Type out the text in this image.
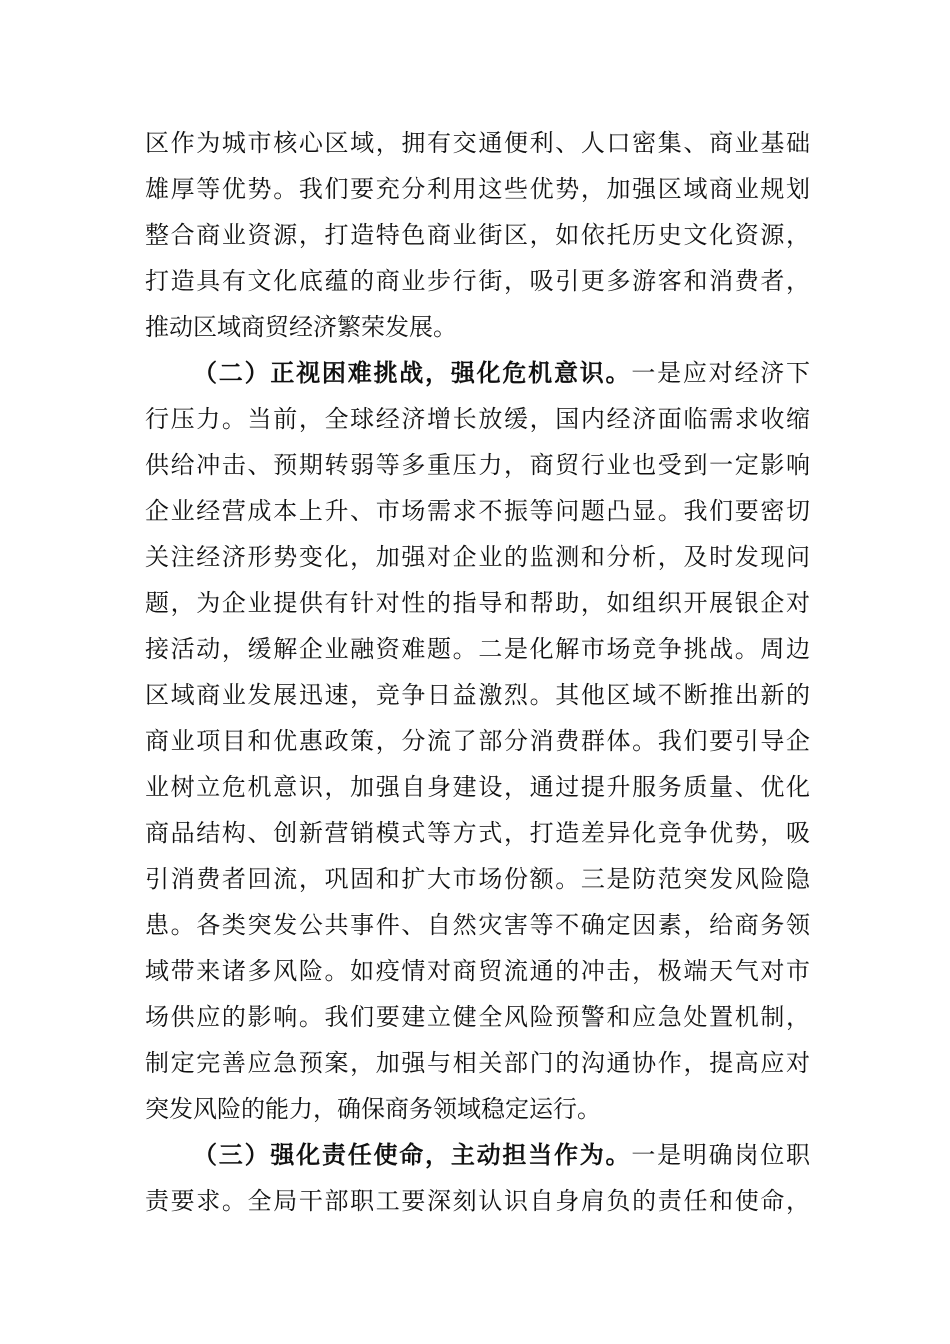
区作为城市核心区域，拥有交通便利、人口密集、商业基础
雄厚等优势。我们要充分利用这些优势，加强区域商业规划
整合商业资源，打造特色商业街区，如依托历史文化资源，
打造具有文化底蕴的商业步行街，吸引更多游客和消费者，
推动区域商贸经济繁荣发展。
（二）正视困难挑战，强化危机意识。一是应对经济下
行压力。当前，全球经济增长放缓，国内经济面临需求收缩
供给冲击、预期转弱等多重压力，商贸行业也受到一定影响
企业经营成本上升、市场需求不振等问题凸显。我们要密切
关注经济形势变化，加强对企业的监测和分析，及时发现问
题，为企业提供有针对性的指导和帮助，如组织开展银企对
接活动，缓解企业融资难题。二是化解市场竞争挑战。周边
区域商业发展迅速，竞争日益激烈。其他区域不断推出新的
商业项目和优惠政策，分流了部分消费群体。我们要引导企
业树立危机意识，加强自身建设，通过提升服务质量、优化
商品结构、创新营销模式等方式，打造差异化竞争优势，吸
引消费者回流，巩固和扩大市场份额。三是防范突发风险隐
患。各类突发公共事件、自然灾害等不确定因素，给商务领
域带来诸多风险。如疫情对商贸流通的冲击，极端天气对市
场供应的影响。我们要建立健全风险预警和应急处置机制，
制定完善应急预案，加强与相关部门的沟通协作，提高应对
突发风险的能力，确保商务领域稳定运行。
（三）强化责任使命，主动担当作为。一是明确岗位职
责要求。全局干部职工要深刻认识自身肩负的责任和使命，
